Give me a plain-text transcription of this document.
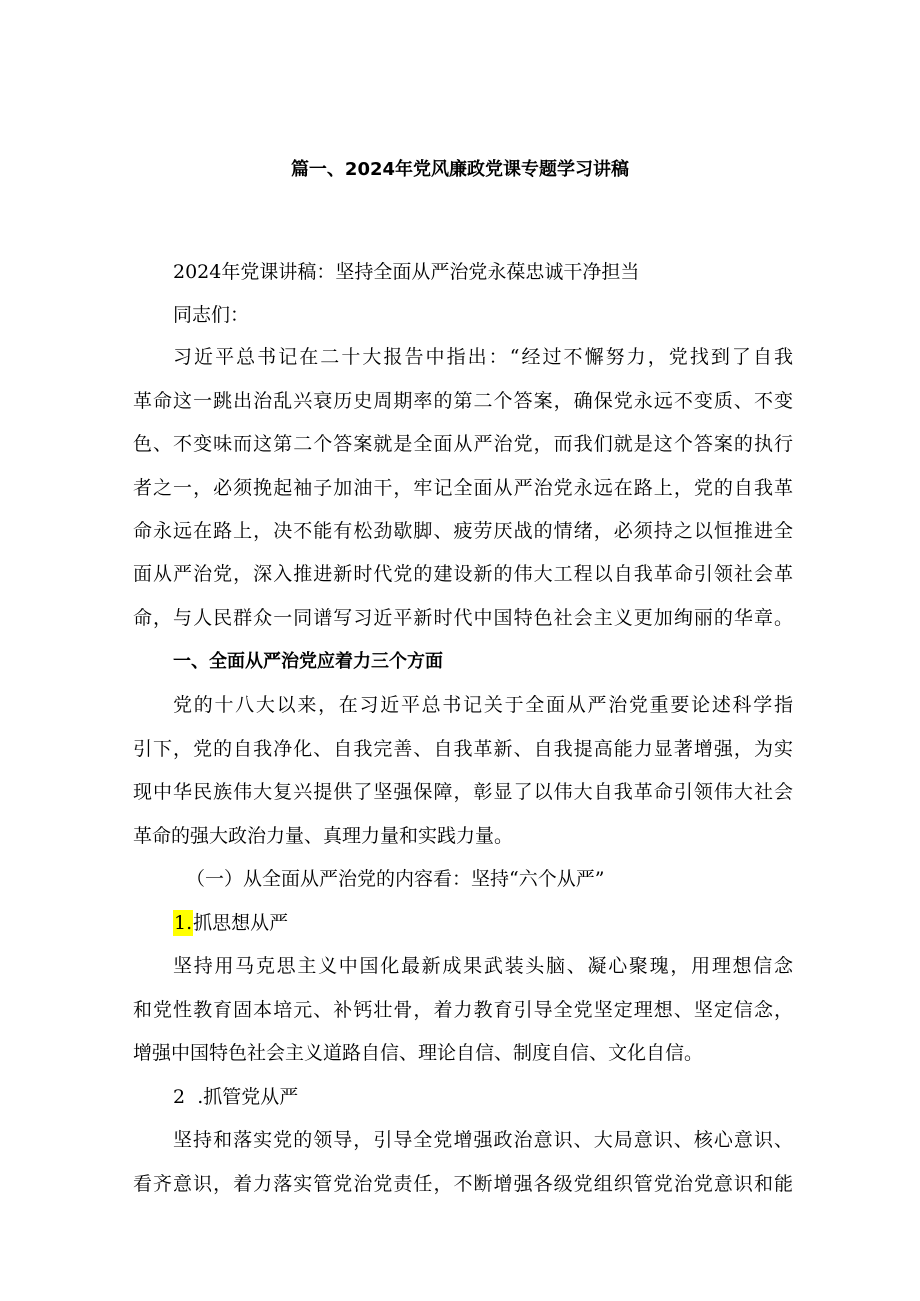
篇一、2024年党风廉政党课专题学习讲稿
2024年党课讲稿：坚持全面从严治党永葆忠诚干净担当
同志们：
习近平总书记在二十大报告中指出：“经过不懈努力，党找到了自我
革命这一跳出治乱兴衰历史周期率的第二个答案，确保党永远不变质、不变
色、不变味而这第二个答案就是全面从严治党，而我们就是这个答案的执行
者之一，必须挽起袖子加油干，牢记全面从严治党永远在路上，党的自我革
命永远在路上，决不能有松劲歇脚、疲劳厌战的情绪，必须持之以恒推进全
面从严治党，深入推进新时代党的建设新的伟大工程以自我革命引领社会革
命，与人民群众一同谱写习近平新时代中国特色社会主义更加绚丽的华章。
一、全面从严治党应着力三个方面
党的十八大以来，在习近平总书记关于全面从严治党重要论述科学指
引下，党的自我净化、自我完善、自我革新、自我提高能力显著增强，为实
现中华民族伟大复兴提供了坚强保障，彰显了以伟大自我革命引领伟大社会
革命的强大政治力量、真理力量和实践力量。
（一）从全面从严治党的内容看：坚持“六个从严”
1.抓思想从严
坚持用马克思主义中国化最新成果武装头脑、凝心聚瑰，用理想信念
和党性教育固本培元、补钙壮骨，着力教育引导全党坚定理想、坚定信念，
增强中国特色社会主义道路自信、理论自信、制度自信、文化自信。
2 .抓管党从严
坚持和落实党的领导，引导全党增强政治意识、大局意识、核心意识、
看齐意识，着力落实管党治党责任，不断增强各级党组织管党治党意识和能
